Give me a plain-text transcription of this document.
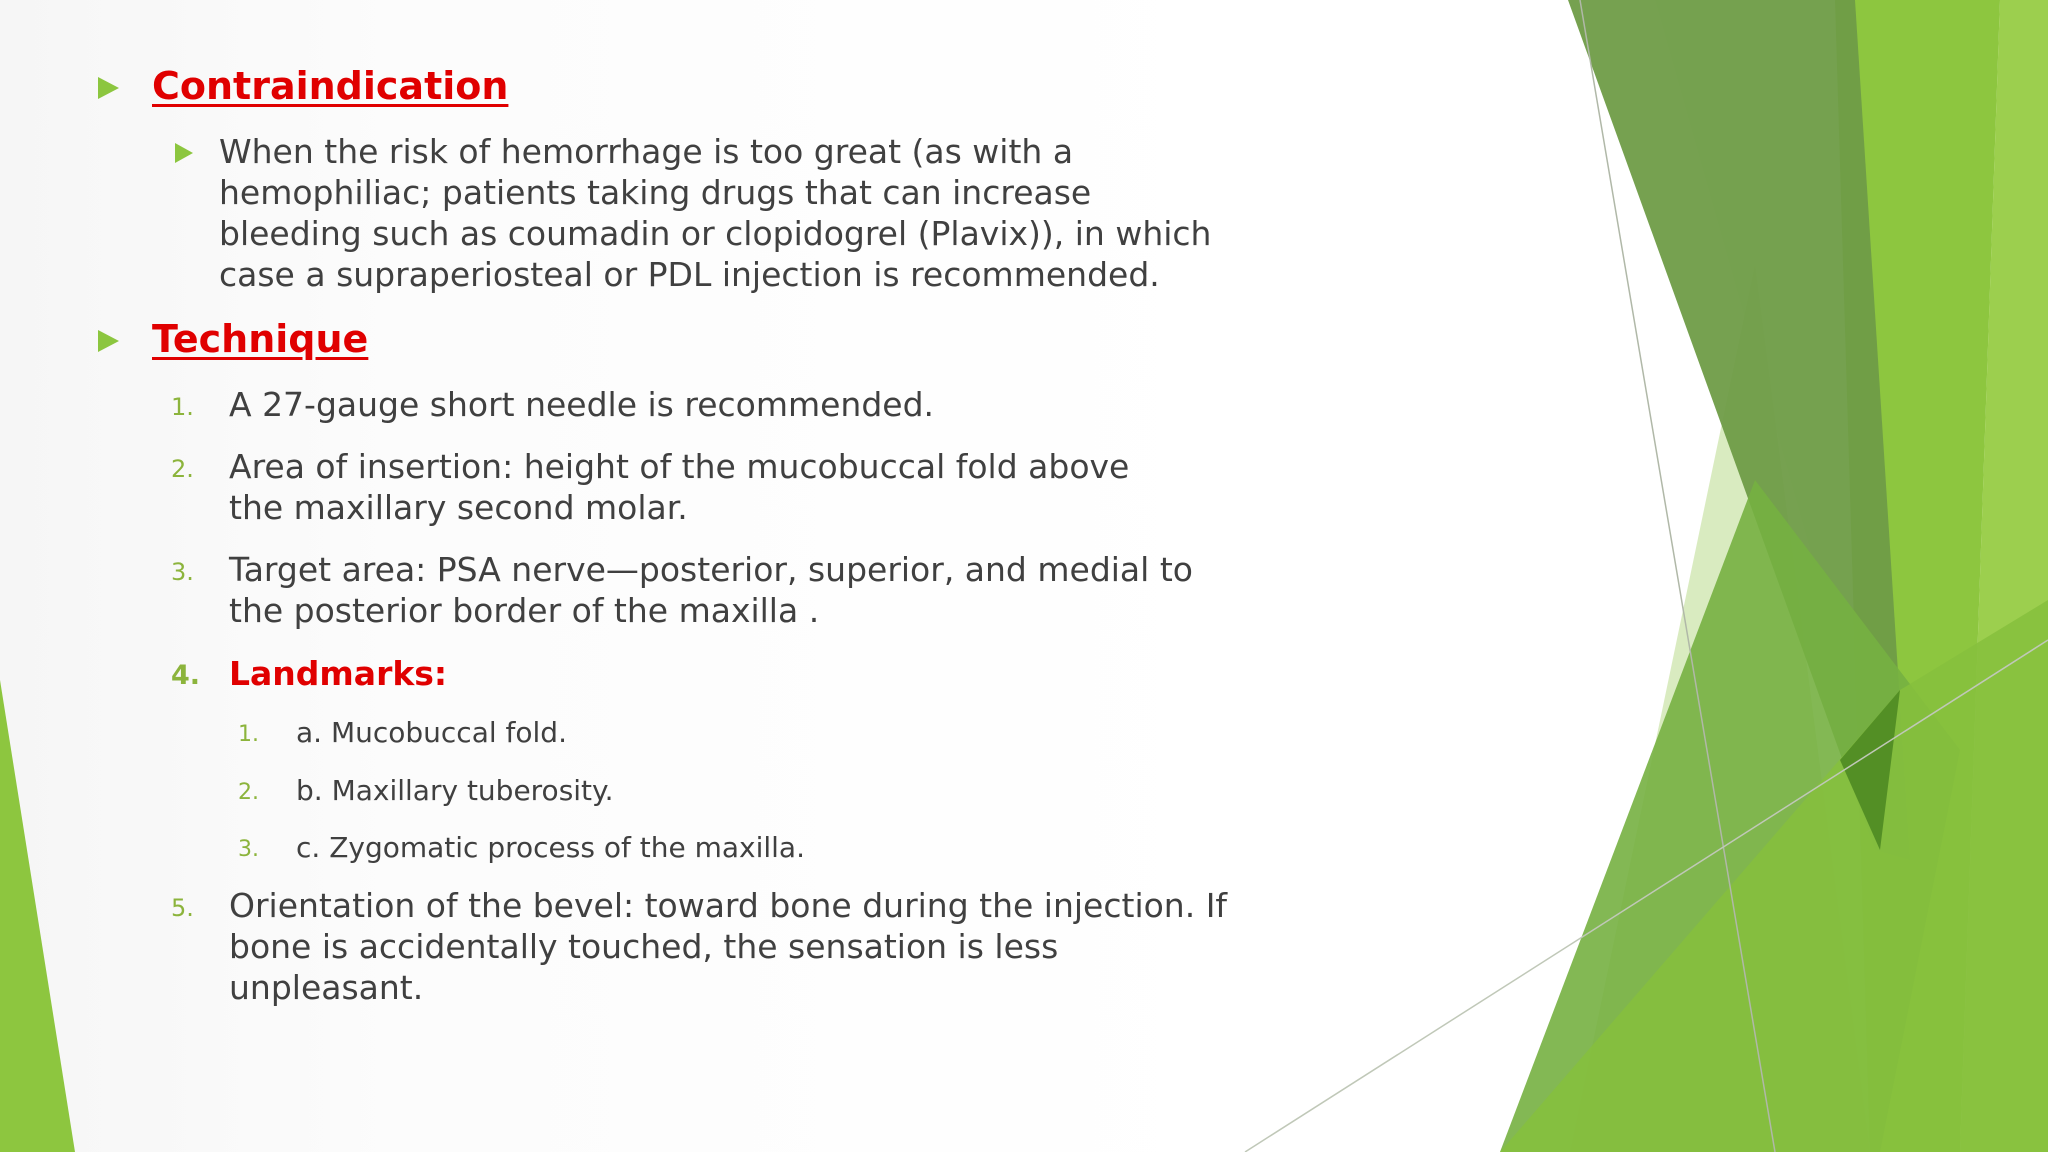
Contraindication
When the risk of hemorrhage is too great (as with a hemophiliac; patients taking drugs that can increase bleeding such as coumadin or clopidogrel (Plavix)), in which case a supraperiosteal or PDL injection is recommended.
Technique
1. A 27-gauge short needle is recommended.
2. Area of insertion: height of the mucobuccal fold above the maxillary second molar.
3. Target area: PSA nerve—posterior, superior, and medial to the posterior border of the maxilla .
4. Landmarks:
1. a. Mucobuccal fold.
2. b. Maxillary tuberosity.
3. c. Zygomatic process of the maxilla.
5. Orientation of the bevel: toward bone during the injection. If bone is accidentally touched, the sensation is less unpleasant.
